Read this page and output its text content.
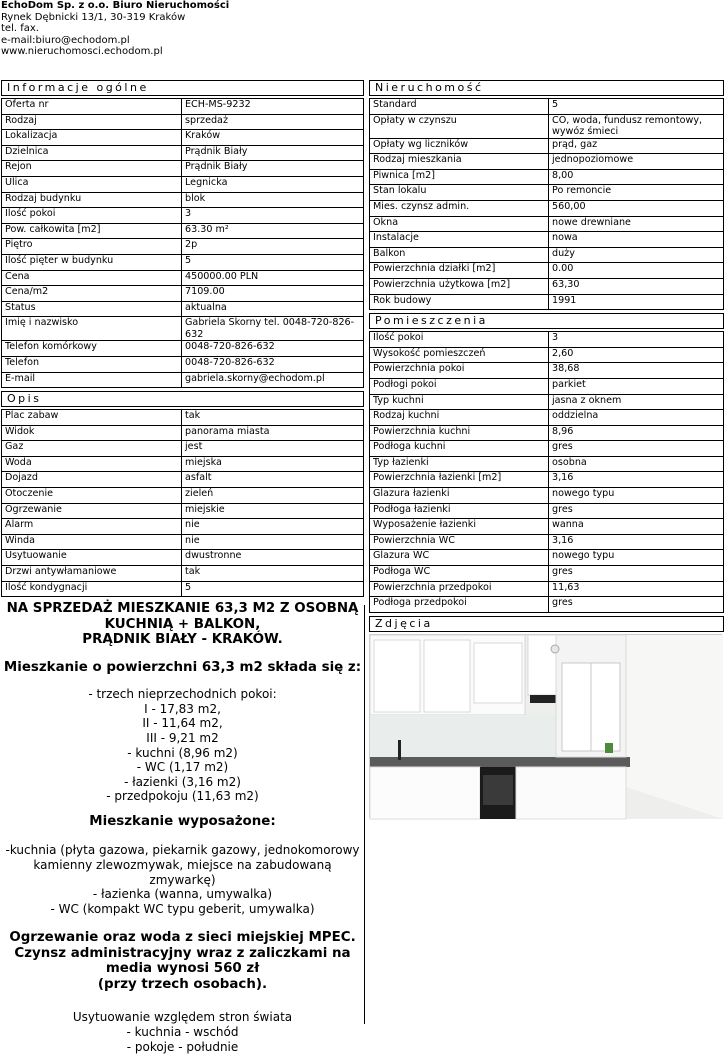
EchoDom Sp. z o.o. Biuro Nieruchomości
Rynek Dębnicki 13/1, 30-319 Kraków
tel. fax.
e-mail:biuro@echodom.pl
www.nieruchomosci.echodom.pl
Informacje ogólne
Oferta nr	ECH-MS-9232
Rodzaj	sprzedaż
Lokalizacja	Kraków
Dzielnica	Prądnik Biały
Rejon	Prądnik Biały
Ulica	Legnicka
Rodzaj budynku	blok
Ilość pokoi	3
Pow. całkowita [m2]	63.30 m²
Piętro	2p
Ilość pięter w budynku	5
Cena	450000.00 PLN
Cena/m2	7109.00
Status	aktualna
Imię i nazwisko	Gabriela Skorny tel. 0048-720-826-632
Telefon komórkowy	0048-720-826-632
Telefon	0048-720-826-632
E-mail	gabriela.skorny@echodom.pl
Opis
Plac zabaw	tak
Widok	panorama miasta
Gaz	jest
Woda	miejska
Dojazd	asfalt
Otoczenie	zieleń
Ogrzewanie	miejskie
Alarm	nie
Winda	nie
Usytuowanie	dwustronne
Drzwi antywłamaniowe	tak
Ilość kondygnacji	5
NA SPRZEDAŻ MIESZKANIE 63,3 M2 Z OSOBNĄ
KUCHNIĄ + BALKON,
PRĄDNIK BIAŁY - KRAKÓW.

Mieszkanie o powierzchni 63,3 m2 składa się z:

- trzech nieprzechodnich pokoi:
I - 17,83 m2,
II - 11,64 m2,
III - 9,21 m2
- kuchni (8,96 m2)
- WC (1,17 m2)
- łazienki (3,16 m2)
- przedpokoju (11,63 m2)

Mieszkanie wyposażone:

-kuchnia (płyta gazowa, piekarnik gazowy, jednokomorowy
kamienny zlewozmywak, miejsce na zabudowaną zmywarkę)
- łazienka (wanna, umywalka)
- WC (kompakt WC typu geberit, umywalka)

Ogrzewanie oraz woda z sieci miejskiej MPEC.
Czynsz administracyjny wraz z zaliczkami na
media wynosi 560 zł
(przy trzech osobach).

Usytuowanie względem stron świata
- kuchnia - wschód
- pokoje - południe

Nieruchomość
Standard	5
Opłaty w czynszu	CO, woda, fundusz remontowy, wywóz śmieci
Opłaty wg liczników	prąd, gaz
Rodzaj mieszkania	jednopoziomowe
Piwnica [m2]	8,00
Stan lokalu	Po remoncie
Mies. czynsz admin.	560,00
Okna	nowe drewniane
Instalacje	nowa
Balkon	duży
Powierzchnia działki [m2]	0.00
Powierzchnia użytkowa [m2]	63,30
Rok budowy	1991
Pomieszczenia
Ilość pokoi	3
Wysokość pomieszczeń	2,60
Powierzchnia pokoi	38,68
Podłogi pokoi	parkiet
Typ kuchni	jasna z oknem
Rodzaj kuchni	oddzielna
Powierzchnia kuchni	8,96
Podłoga kuchni	gres
Typ łazienki	osobna
Powierzchnia łazienki [m2]	3,16
Glazura łazienki	nowego typu
Podłoga łazienki	gres
Wyposażenie łazienki	wanna
Powierzchnia WC	3,16
Glazura WC	nowego typu
Podłoga WC	gres
Powierzchnia przedpokoi	11,63
Podłoga przedpokoi	gres
Zdjęcia
